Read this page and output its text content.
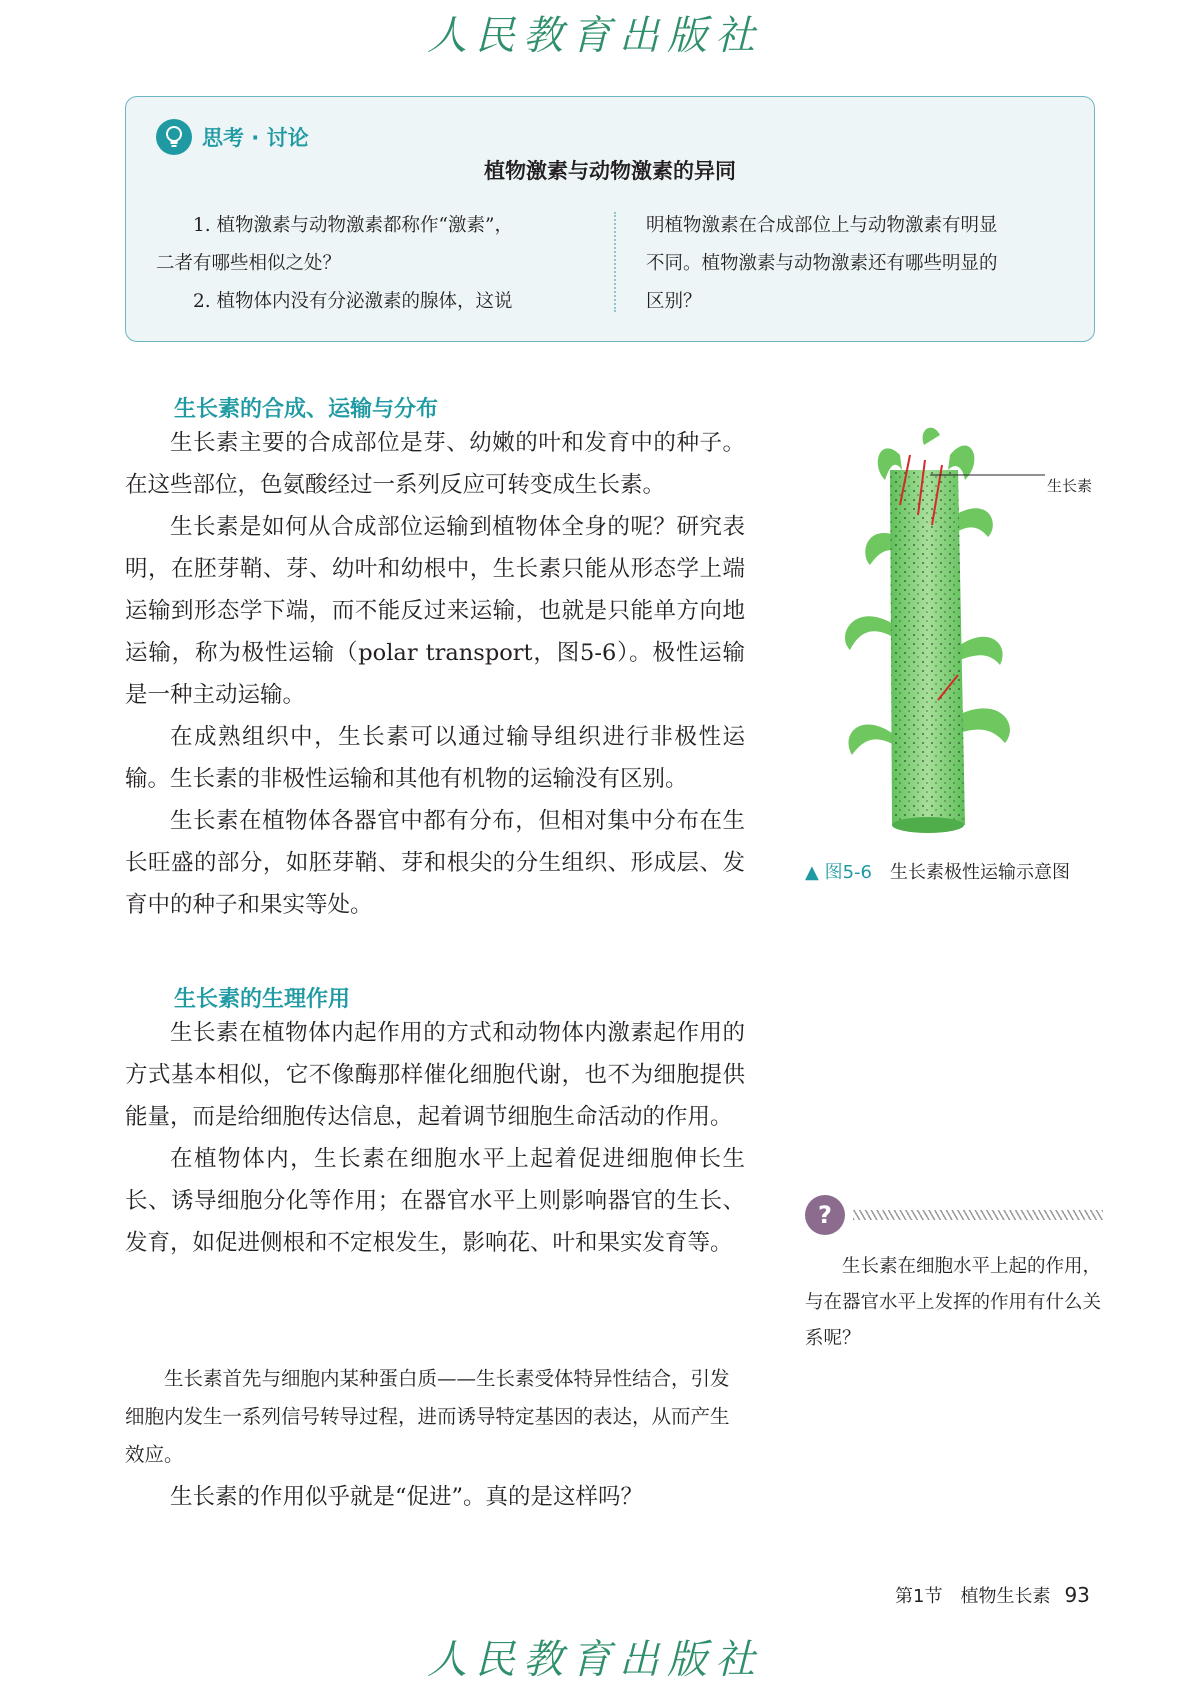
人民教育出版社
思考 · 讨论
植物激素与动物激素的异同

1. 植物激素与动物激素都称作“激素”，

二者有哪些相似之处？

2. 植物体内没有分泌激素的腺体，这说

明植物激素在合成部位上与动物激素有明显

不同。植物激素与动物激素还有哪些明显的

区别？

生长素的合成、运输与分布

生长素主要的合成部位是芽、幼嫩的叶和发育中的种子。在这些部位，色氨酸经过一系列反应可转变成生长素。

生长素是如何从合成部位运输到植物体全身的呢？研究表明，在胚芽鞘、芽、幼叶和幼根中，生长素只能从形态学上端运输到形态学下端，而不能反过来运输，也就是只能单方向地运输，称为极性运输（polar transport，图5-6）。极性运输是一种主动运输。

在成熟组织中，生长素可以通过输导组织进行非极性运输。生长素的非极性运输和其他有机物的运输没有区别。

生长素在植物体各器官中都有分布，但相对集中分布在生长旺盛的部分，如胚芽鞘、芽和根尖的分生组织、形成层、发育中的种子和果实等处。

生长素
▲ 图5-6　 生长素极性运输示意图
生长素的生理作用

生长素在植物体内起作用的方式和动物体内激素起作用的方式基本相似，它不像酶那样催化细胞代谢，也不为细胞提供能量，而是给细胞传达信息，起着调节细胞生命活动的作用。

在植物体内，生长素在细胞水平上起着促进细胞伸长生长、诱导细胞分化等作用；在器官水平上则影响器官的生长、发育，如促进侧根和不定根发生，影响花、叶和果实发育等。

生长素首先与细胞内某种蛋白质——生长素受体特异性结合，引发细胞内发生一系列信号转导过程，进而诱导特定基因的表达，从而产生效应。

生长素的作用似乎就是“促进”。真的是这样吗？

?

生长素在细胞水平上起的作用，与在器官水平上发挥的作用有什么关系呢？

第1节　植物生长素 93
人民教育出版社
